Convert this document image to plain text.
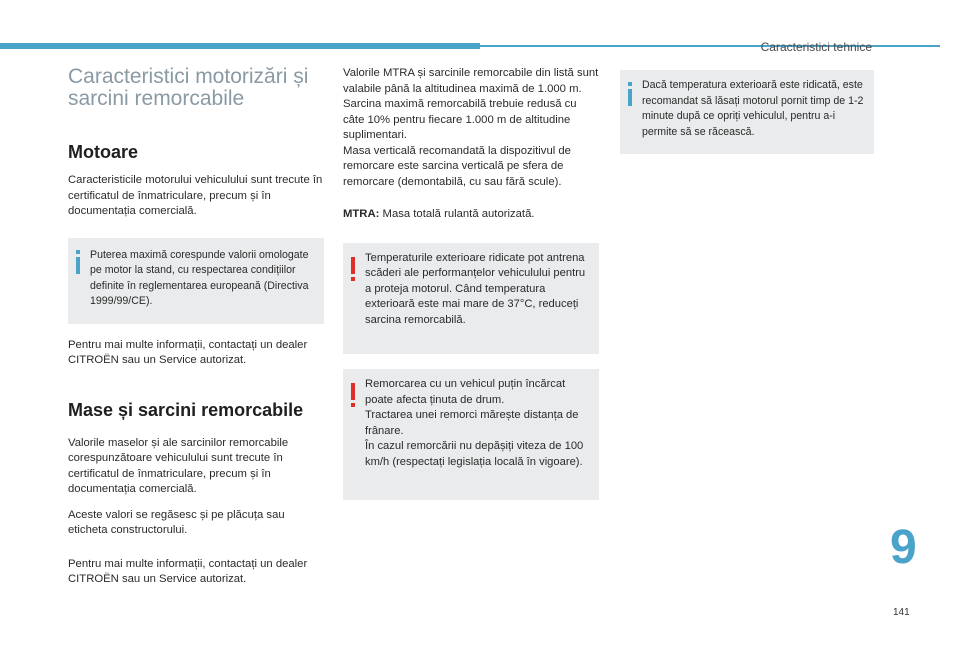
Caracteristici tehnice
Caracteristici motorizări și sarcini remorcabile
Motoare

Caracteristicile motorului vehiculului sunt trecute în certificatul de înmatriculare, precum și în documentația comercială.

Puterea maximă corespunde valorii omologate pe motor la stand, cu respectarea condițiilor definite în reglementarea europeană (Directiva 1999/99/CE).

Pentru mai multe informații, contactați un dealer CITROËN sau un Service autorizat.

Mase și sarcini remorcabile

Valorile maselor și ale sarcinilor remorcabile corespunzătoare vehiculului sunt trecute în certificatul de înmatriculare, precum și în documentația comercială.

Aceste valori se regăsesc și pe plăcuța sau eticheta constructorului.

Pentru mai multe informații, contactați un dealer CITROËN sau un Service autorizat.

Valorile MTRA și sarcinile remorcabile din listă sunt valabile până la altitudinea maximă de 1.000 m. Sarcina maximă remorcabilă trebuie redusă cu câte 10% pentru fiecare 1.000 m de altitudine suplimentari.

Masa verticală recomandată la dispozitivul de remorcare este sarcina verticală pe sfera de remorcare (demontabilă, cu sau fără scule).

MTRA: Masa totală rulantă autorizată.

Temperaturile exterioare ridicate pot antrena scăderi ale performanțelor vehiculului pentru a proteja motorul. Când temperatura exterioară este mai mare de 37°C, reduceți sarcina remorcabilă.

Remorcarea cu un vehicul puțin încărcat poate afecta ținuta de drum.

Tractarea unei remorci mărește distanța de frânare.

În cazul remorcării nu depășiți viteza de 100 km/h (respectați legislația locală în vigoare).

Dacă temperatura exterioară este ridicată, este recomandat să lăsați motorul pornit timp de 1-2 minute după ce opriți vehiculul, pentru a-i permite să se răcească.

9
141
